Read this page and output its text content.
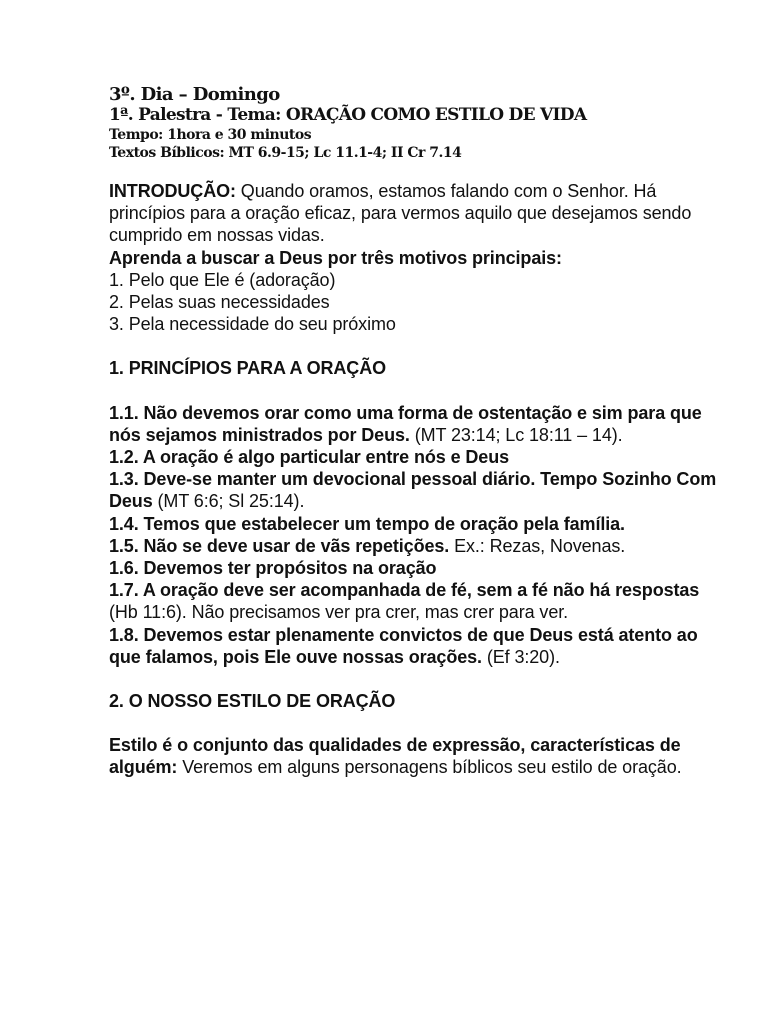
3º. Dia – Domingo
1ª. Palestra - Tema: ORAÇÃO COMO ESTILO DE VIDA
Tempo: 1hora e 30 minutos
Textos Bíblicos: MT 6.9-15; Lc 11.1-4; II Cr 7.14

INTRODUÇÃO: Quando oramos, estamos falando com o Senhor. Há princípios para a oração eficaz, para vermos aquilo que desejamos sendo cumprido em nossas vidas.

Aprenda a buscar a Deus por três motivos principais:

1. Pelo que Ele é (adoração)

2. Pelas suas necessidades

3. Pela necessidade do seu próximo

1. PRINCÍPIOS PARA A ORAÇÃO

1.1. Não devemos orar como uma forma de ostentação e sim para que nós sejamos ministrados por Deus. (MT 23:14; Lc 18:11 – 14).

1.2. A oração é algo particular entre nós e Deus

1.3. Deve-se manter um devocional pessoal diário. Tempo Sozinho Com Deus (MT 6:6; Sl 25:14).

1.4. Temos que estabelecer um tempo de oração pela família.

1.5. Não se deve usar de vãs repetições. Ex.: Rezas, Novenas.

1.6. Devemos ter propósitos na oração

1.7. A oração deve ser acompanhada de fé, sem a fé não há respostas (Hb 11:6). Não precisamos ver pra crer, mas crer para ver.

1.8. Devemos estar plenamente convictos de que Deus está atento ao que falamos, pois Ele ouve nossas orações. (Ef 3:20).

2. O NOSSO ESTILO DE ORAÇÃO

Estilo é o conjunto das qualidades de expressão, características de alguém: Veremos em alguns personagens bíblicos seu estilo de oração.
